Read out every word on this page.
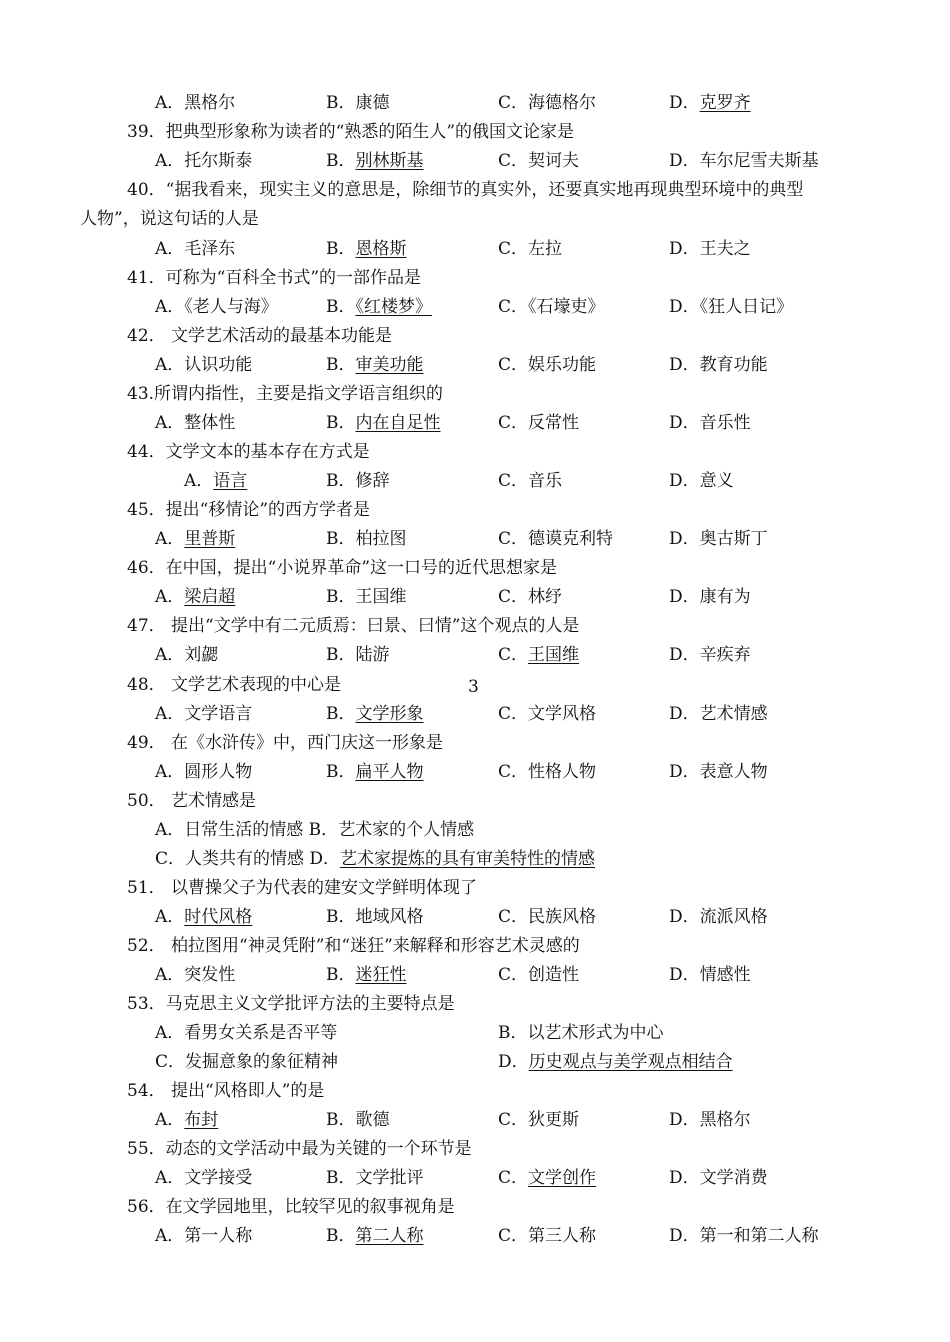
A．黑格尔	B．康德	C．海德格尔	D．克罗齐
39．把典型形象称为读者的“熟悉的陌生人”的俄国文论家是
A．托尔斯泰	B．别林斯基	C．契诃夫	D．车尔尼雪夫斯基
40．“据我看来，现实主义的意思是，除细节的真实外，还要真实地再现典型环境中的典型
人物”，说这句话的人是
A．毛泽东	B．恩格斯	C．左拉	D．王夫之
41．可称为“百科全书式”的一部作品是
A．《老人与海》	B．《红楼梦》	C．《石壕吏》	D．《狂人日记》
42． 文学艺术活动的最基本功能是
A．认识功能	B．审美功能	C．娱乐功能	D．教育功能
43.所谓内指性，主要是指文学语言组织的
A．整体性	B．内在自足性	C．反常性	D．音乐性
44．文学文本的基本存在方式是
A．语言	B．修辞	C．音乐	D．意义
45．提出“移情论”的西方学者是
A．里普斯	B．柏拉图	C．德谟克利特	D．奥古斯丁
46．在中国，提出“小说界革命”这一口号的近代思想家是
A．梁启超	B．王国维	C．林纾	D．康有为
47． 提出“文学中有二元质焉：曰景、曰情”这个观点的人是
A．刘勰	B．陆游	C．王国维	D．辛疾弃
48． 文学艺术表现的中心是
A．文学语言	B．文学形象	C．文学风格	D．艺术情感
49． 在《水浒传》中，西门庆这一形象是
A．圆形人物	B．扁平人物	C．性格人物	D．表意人物
50． 艺术情感是
A．日常生活的情感 B．艺术家的个人情感
C．人类共有的情感 D．艺术家提炼的具有审美特性的情感
51． 以曹操父子为代表的建安文学鲜明体现了
A．时代风格	B．地域风格	C．民族风格	D．流派风格
52． 柏拉图用“神灵凭附”和“迷狂”来解释和形容艺术灵感的
A．突发性	B．迷狂性	C．创造性	D．情感性
53．马克思主义文学批评方法的主要特点是
A．看男女关系是否平等	B．以艺术形式为中心
C．发掘意象的象征精神	D．历史观点与美学观点相结合
54． 提出“风格即人”的是
A．布封	B．歌德	C．狄更斯	D．黑格尔
55．动态的文学活动中最为关键的一个环节是
A．文学接受	B．文学批评	C．文学创作	D．文学消费
56．在文学园地里，比较罕见的叙事视角是
A．第一人称	B．第二人称	C．第三人称	D．第一和第二人称
3
